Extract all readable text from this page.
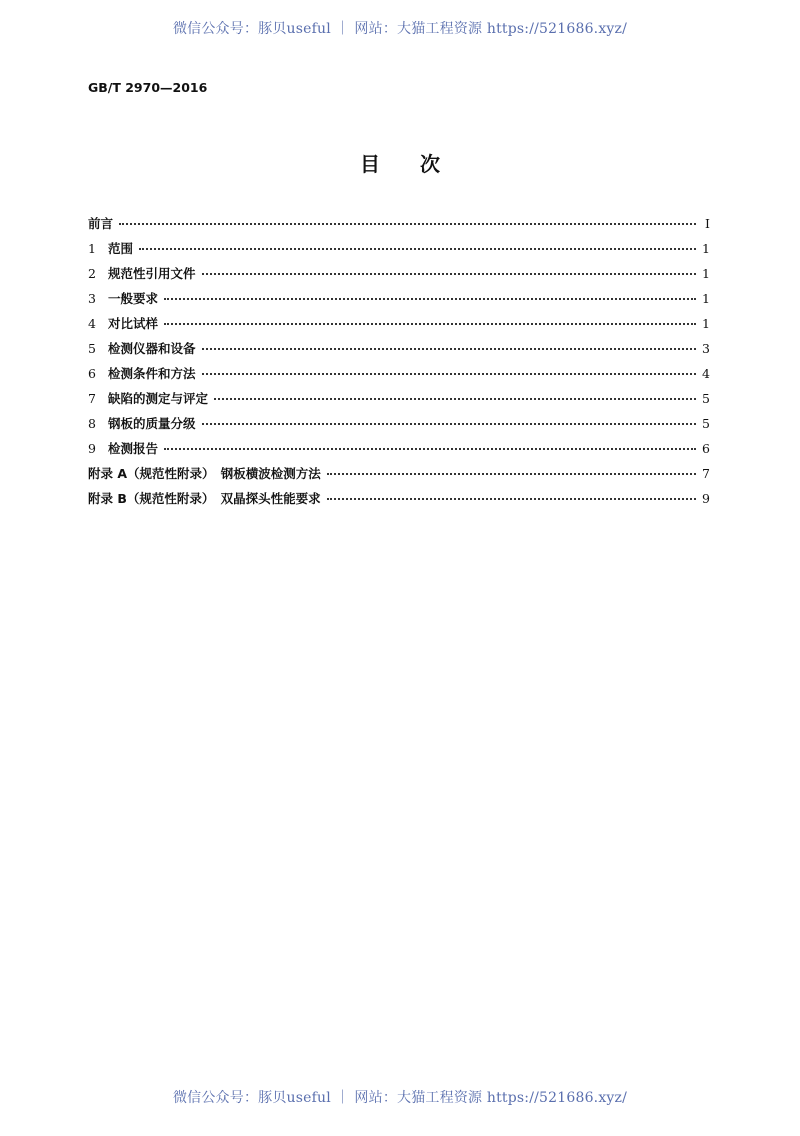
微信公众号：豚贝useful ｜ 网站：大猫工程资源 https://521686.xyz/
GB/T 2970—2016
目次
前言	Ⅰ
1 范围	1
2 规范性引用文件	1
3 一般要求	1
4 对比试样	1
5 检测仪器和设备	3
6 检测条件和方法	4
7 缺陷的测定与评定	5
8 钢板的质量分级	5
9 检测报告	6
附录 A（规范性附录）　钢板横波检测方法	7
附录 B（规范性附录）　双晶探头性能要求	9
微信公众号：豚贝useful ｜ 网站：大猫工程资源 https://521686.xyz/
